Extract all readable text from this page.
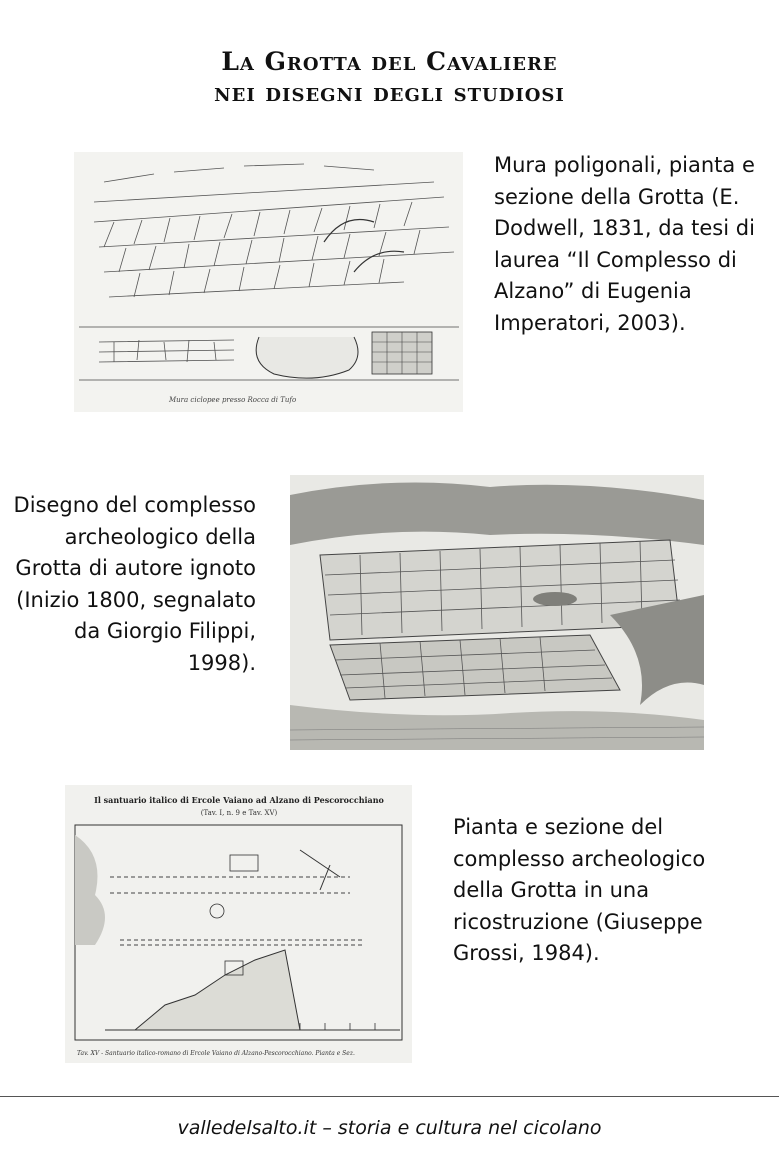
La Grotta del Cavaliere
nei disegni degli studiosi
Mura ciclopee presso Rocca di Tufo
Mura poligonali, pianta e sezione della Grotta (E. Dodwell, 1831, da tesi di laurea “Il Complesso di Alzano” di Eugenia Imperatori, 2003).
Disegno del complesso archeologico della Grotta di autore ignoto (Inizio 1800, segnalato da Giorgio Filippi, 1998).
Il santuario italico di Ercole Vaiano ad Alzano di Pescorocchiano
(Tav. I, n. 9 e Tav. XV)
Tav. XV - Santuario italico-romano di Ercole Vaiano di Alzano-Pescorocchiano. Pianta e Sez.
Pianta e sezione del complesso archeologico della Grotta in una ricostruzione (Giuseppe Grossi, 1984).
valledelsalto.it – storia e cultura nel cicolano
